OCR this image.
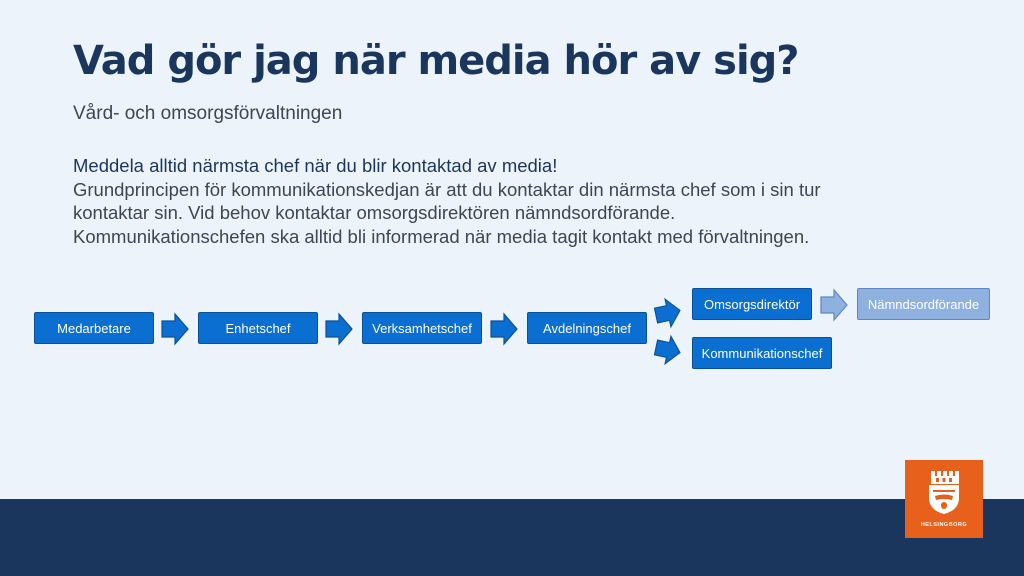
Vad gör jag när media hör av sig?
Vård- och omsorgsförvaltningen
Meddela alltid närmsta chef när du blir kontaktad av media!
Grundprincipen för kommunikationskedjan är att du kontaktar din närmsta chef som i sin tur
kontaktar sin. Vid behov kontaktar omsorgsdirektören nämndsordförande.
Kommunikationschefen ska alltid bli informerad när media tagit kontakt med förvaltningen.
Medarbetare	Enhetschef	Verksamhetschef	Avdelningschef
Omsorgsdirektör
Kommunikationschef
Nämndsordförande
HELSINGBORG
